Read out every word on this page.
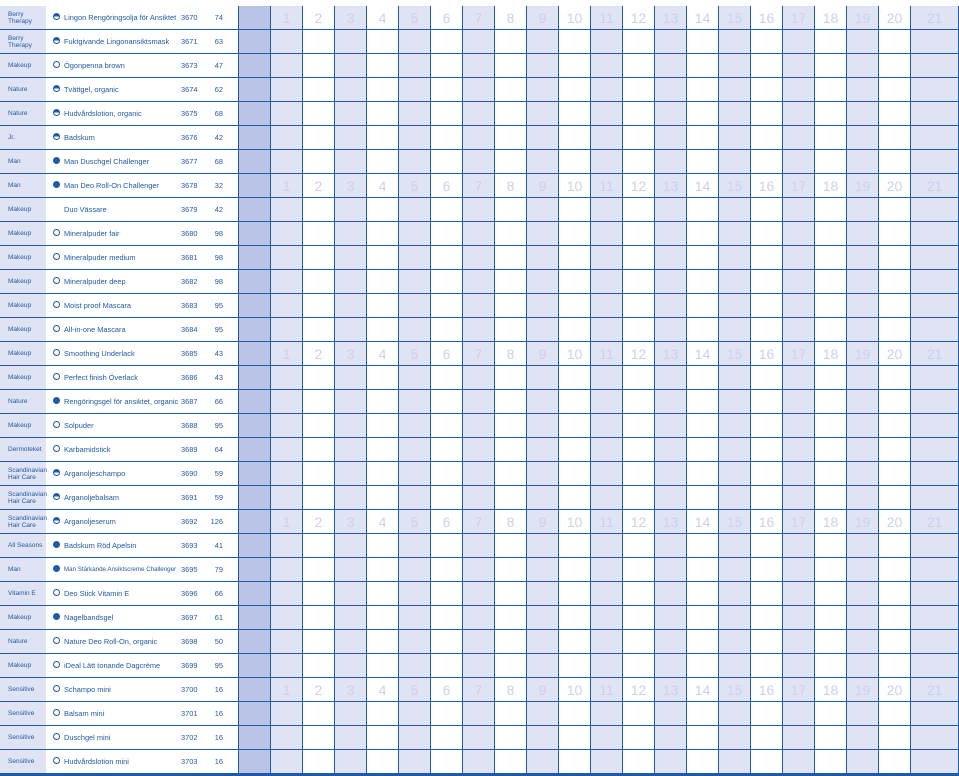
Berry Therapy	Lingon Rengöringsolja för Ansiktet 3670 74	1	2	3	4	5	6	7	8	9	10	11	12	13	14	15	16	17	18	19	20	21
Berry Therapy	Fuktgivande Lingonansiktsmask 3671 63
Makeup	Ögonpenna brown	3673 47
Nature	Tvättgel, organic	3674 62
Nature	Hudvårdslotion, organic	3675 68
Jr.	Badskum	3676 42
Man	Man Duschgel Challenger	3677 68
Man	Man Deo Roll-On Challenger	3678 32	1	2	3	4	5	6	7	8	9	10	11	12	13	14	15	16	17	18	19	20	21
Makeup	Duo Vässare	3679 42
Makeup	Mineralpuder fair	3680 98
Makeup	Mineralpuder medium	3681 98
Makeup	Mineralpuder deep	3682 98
Makeup	Moist proof Mascara	3683 95
Makeup	All-in-one Mascara	3684 95
Makeup	Smoothing Underlack	3685 43	1	2	3	4	5	6	7	8	9	10	11	12	13	14	15	16	17	18	19	20	21
Makeup	Perfect finish Överlack	3686 43
Nature	Rengöringsgel för ansiktet, organic 3687 66
Makeup	Solpuder	3688 95
Dermoteket	Karbamidstick	3689 64
Scandinavian Hair Care	Arganoljeschampo	3690 59
Scandinavian Hair Care	Arganoljebalsam	3691 59
Scandinavian Hair Care	Arganoljeserum	3692 126	1	2	3	4	5	6	7	8	9	10	11	12	13	14	15	16	17	18	19	20	21
All Seasons	Badskum Röd Apelsin	3693 41
Man	Man Stärkande Ansiktscreme Challenger 3695 79
Vitamin E	Deo Stick Vitamin E	3696 66
Makeup	Nagelbandsgel	3697 61
Nature	Nature Deo Roll-On, organic	3698 50
Makeup	iDeal Lätt tonande Dagcrème	3699 95
Sensitive	Schampo mini	3700 16	1	2	3	4	5	6	7	8	9	10	11	12	13	14	15	16	17	18	19	20	21
Sensitive	Balsam mini	3701 16
Sensitive	Duschgel mini	3702 16
Sensitive	Hudvårdslotion mini	3703 16
